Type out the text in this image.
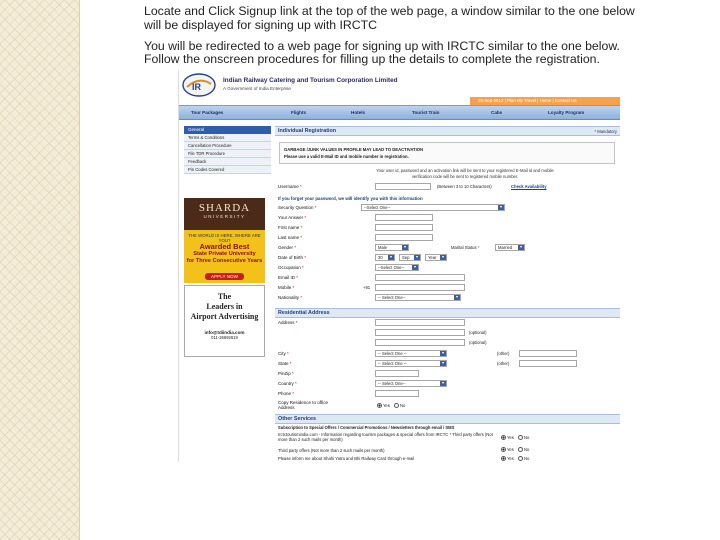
Locate and Click Signup link at the top of the web page, a window similar to the one below
will be displayed for signing up with IRCTC
You will be redirected to a web page for signing up with IRCTC similar to the one below.
Follow the onscreen procedures for filling up the details to complete the registration.
IR
Indian Railway Catering and Tourism Corporation Limited
A Government of India Enterprise
25-Sep-2012 | Plan My Travel | Home | Contact Us
Tour Packages	Flights	Hotels	Tourist Train	Cabs	Loyalty Program
General
Terms & Conditions
Cancellation Procedure
File TDR Procedure
Feedback
Pin Codes Covered
SHARDA
UNIVERSITY
THE WORLD IS HERE, WHERE ARE YOU?
Awarded Best
State Private University
for Three Consecutive Years
APPLY NOW
The
Leaders in
Airport Advertising
info@tdiindia.com
011-26692619
Individual Registration	* Mandatory
GARBAGE /JUNK VALUES IN PROFILE MAY LEAD TO DEACTIVATION
Please use a valid E-Mail ID and mobile number in registration.
Your user id, password and an activation link will be sent to your registered E-Mail id and mobile
verification code will be sent to registered mobile number.
Username *	(Between 3 to 10 Characters)	Check Availability
If you forget your password, we will identify you with this information
Security Question *	--Select One--	▼
Your Answer *
First name *
Last name *
Gender *	Male	▼	Marital Status *	Married	▼
Date of Birth *	30	▼	Sep	▼	Year	▼
Occupation *	--Select One--	▼
Email ID *
Mobile *	+91
Nationality *	-- Select One--	▼
Residential Address
Address *
(optional)
(optional)
City *	-- Select One --	▼	(other)
State *	-- Select One --	▼	(other)
PinZip *
Country *	-- Select One--	▼
Phone *
Copy Residence to office
Address	Yes No
Other Services
Subscription to Special Offers / Commercial Promotions / Newsletters through email / SMS
Irctctourismindia.com - Information regarding tourism packages & special offers from IRCTC * Third party offers (Not more than 2 such mails per month)	Yes No
Third party offers (Not more than 2 such mails per month)	Yes No
Please inform me about Shahi Yatra and Bhi Railway Card through e-mail	Yes No
